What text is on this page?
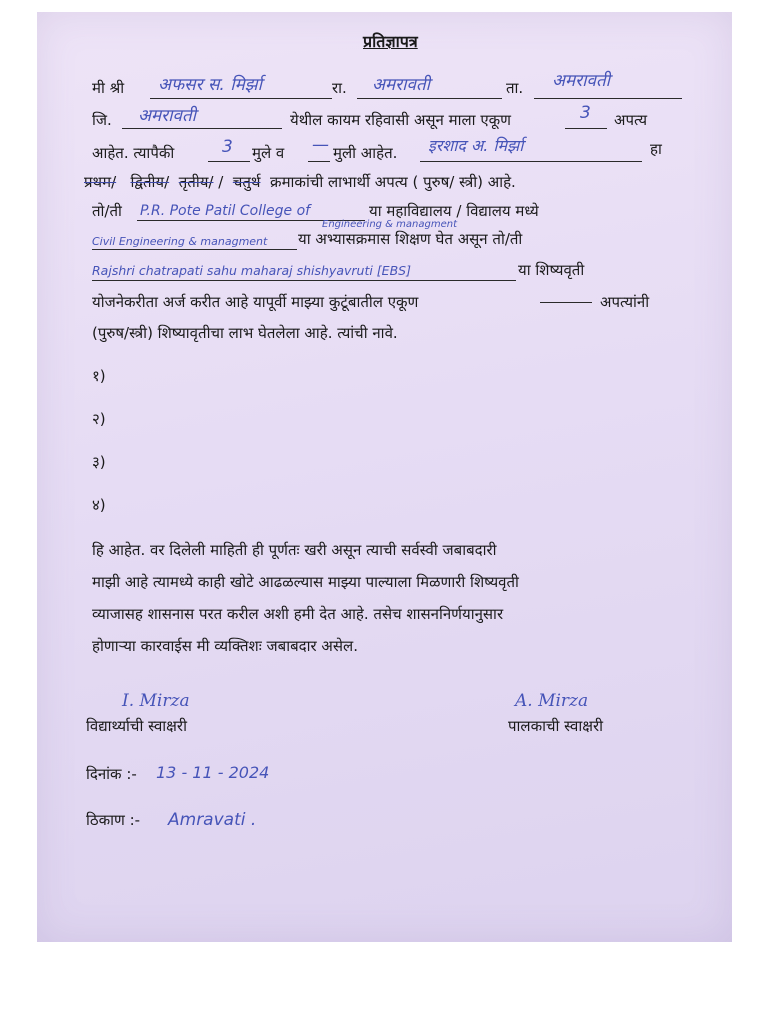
प्रतिज्ञापत्र
मी श्री अफसर स. मिर्झा	रा. अमरावती	ता. अमरावती
जि. अमरावती	येथील कायम रहिवासी असून माला एकूण	3 अपत्य
आहेत. त्यापैकी	3 मुले व — मुली आहेत. इरशाद अ. मिर्झा	हा
प्रथम/ द्वितीय/ तृतीय/ /  चतुर्थ क्रमाकांची लाभार्थी अपत्य ( पुरुष/ स्त्री) आहे.
तो/ती P.R. Pote Patil College of
Engineering & managment
या महाविद्यालय / विद्यालय मध्ये
Civil Engineering & managment या अभ्यासक्रमास शिक्षण घेत असून तो/ती
Rajshri chatrapati sahu maharaj shishyavruti [EBS]	या शिष्यवृती
योजनेकरीता अर्ज करीत आहे यापूर्वी माझ्या कुटूंबातील एकूण	अपत्यांनी
(पुरुष/स्त्री) शिष्यावृतीचा लाभ घेतलेला आहे. त्यांची नावे.
१)
२)
३)
४)
हि आहेत. वर दिलेली माहिती ही पूर्णतः खरी असून त्याची सर्वस्वी जबाबदारी
माझी आहे त्यामध्ये काही खोटे आढळल्यास माझ्या पाल्याला मिळणारी शिष्यवृती
व्याजासह शासनास परत करील अशी हमी देत आहे. तसेच शासननिर्णयानुसार
होणाऱ्या कारवाईस मी व्यक्तिशः जबाबदार असेल.
I. Mirza
विद्यार्थ्याची स्वाक्षरी
A. Mirza
पालकाची स्वाक्षरी
दिनांक :- 13 - 11 - 2024
ठिकाण :- Amravati .
